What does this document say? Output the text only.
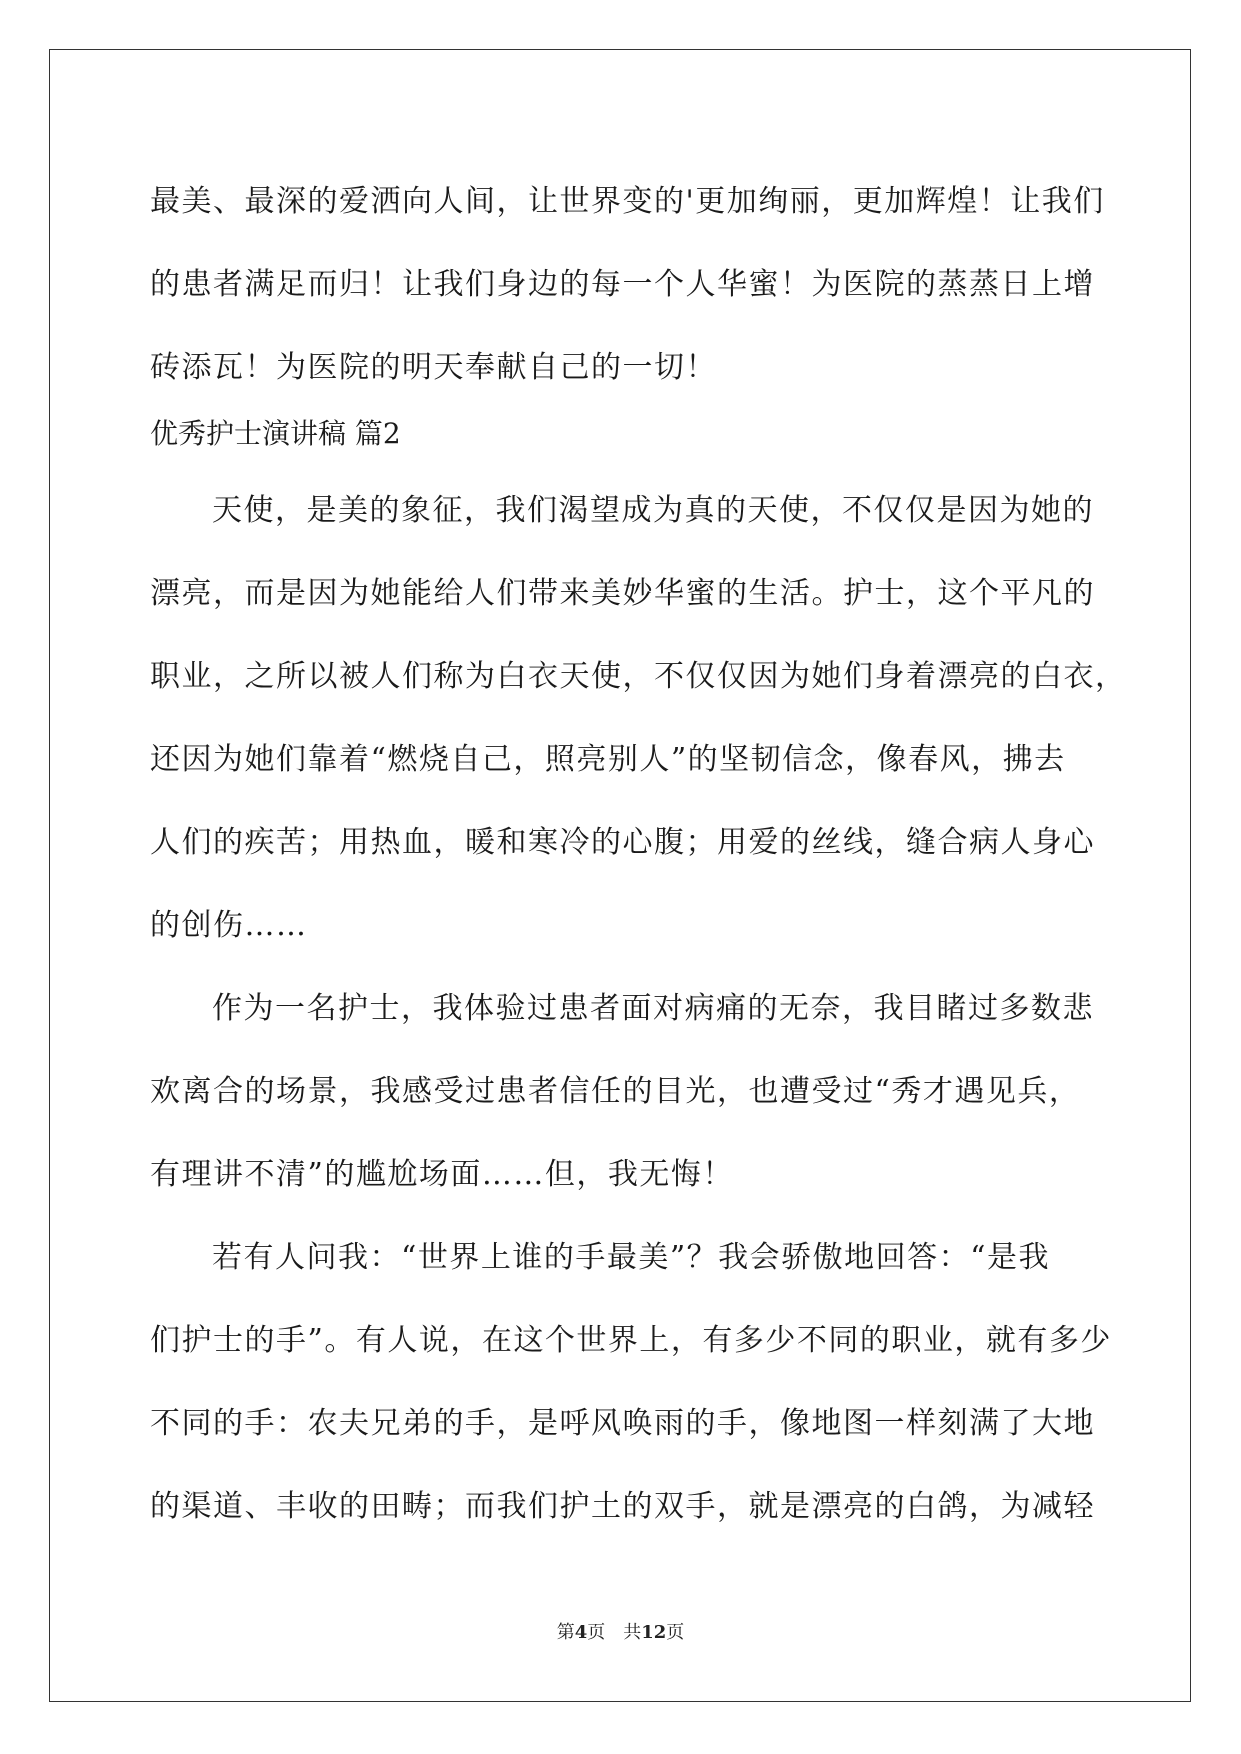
最美、最深的爱洒向人间，让世界变的'更加绚丽，更加辉煌！让我们
的患者满足而归！让我们身边的每一个人华蜜！为医院的蒸蒸日上增
砖添瓦！为医院的明天奉献自己的一切！
优秀护士演讲稿 篇2
天使，是美的象征，我们渴望成为真的天使，不仅仅是因为她的
漂亮，而是因为她能给人们带来美妙华蜜的生活。护士，这个平凡的
职业，之所以被人们称为白衣天使，不仅仅因为她们身着漂亮的白衣，
还因为她们靠着“燃烧自己，照亮别人”的坚韧信念，像春风，拂去
人们的疾苦；用热血，暖和寒冷的心腹；用爱的丝线，缝合病人身心
的创伤……
作为一名护士，我体验过患者面对病痛的无奈，我目睹过多数悲
欢离合的场景，我感受过患者信任的目光，也遭受过“秀才遇见兵，
有理讲不清”的尴尬场面……但，我无悔！
若有人问我：“世界上谁的手最美”？我会骄傲地回答：“是我
们护士的手”。有人说，在这个世界上，有多少不同的职业，就有多少
不同的手：农夫兄弟的手，是呼风唤雨的手，像地图一样刻满了大地
的渠道、丰收的田畴；而我们护土的双手，就是漂亮的白鸽，为减轻
第4页　共12页
